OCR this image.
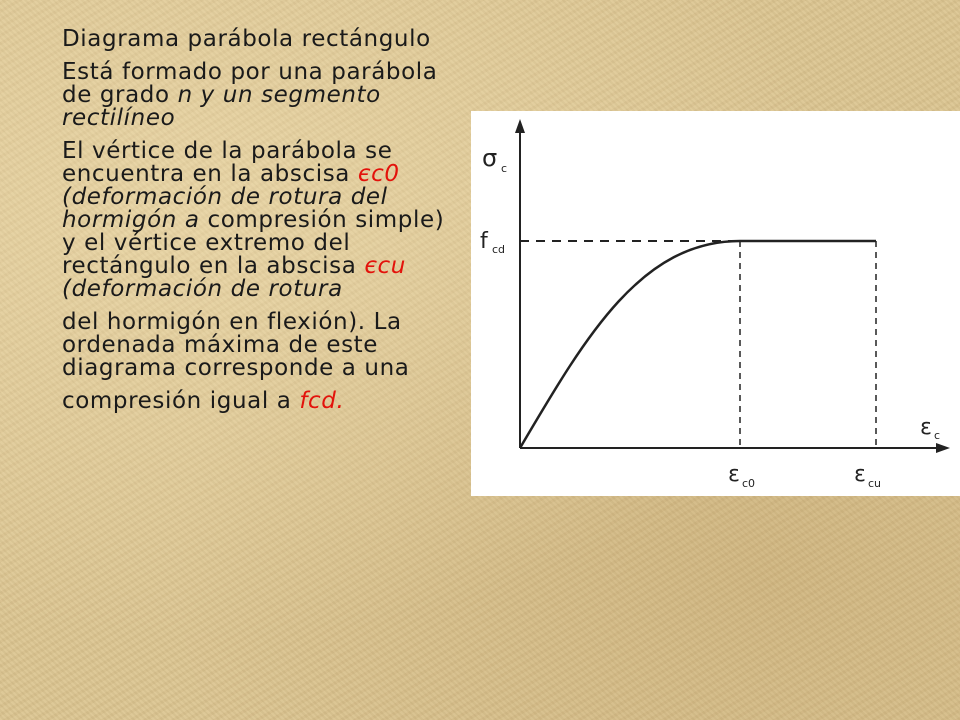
Diagrama parábola rectángulo

Está formado por una parábola de grado n y un segmento rectilíneo

El vértice de la parábola se encuentra en la abscisa єc0 (deformación de rotura del hormigón a compresión simple) y el vértice extremo del rectángulo en la abscisa єcu (deformación de rotura

del hormigón en flexión). La ordenada máxima de este diagrama corresponde a una

compresión igual a fcd.

σc
fcd
εc
εc0	εcu
